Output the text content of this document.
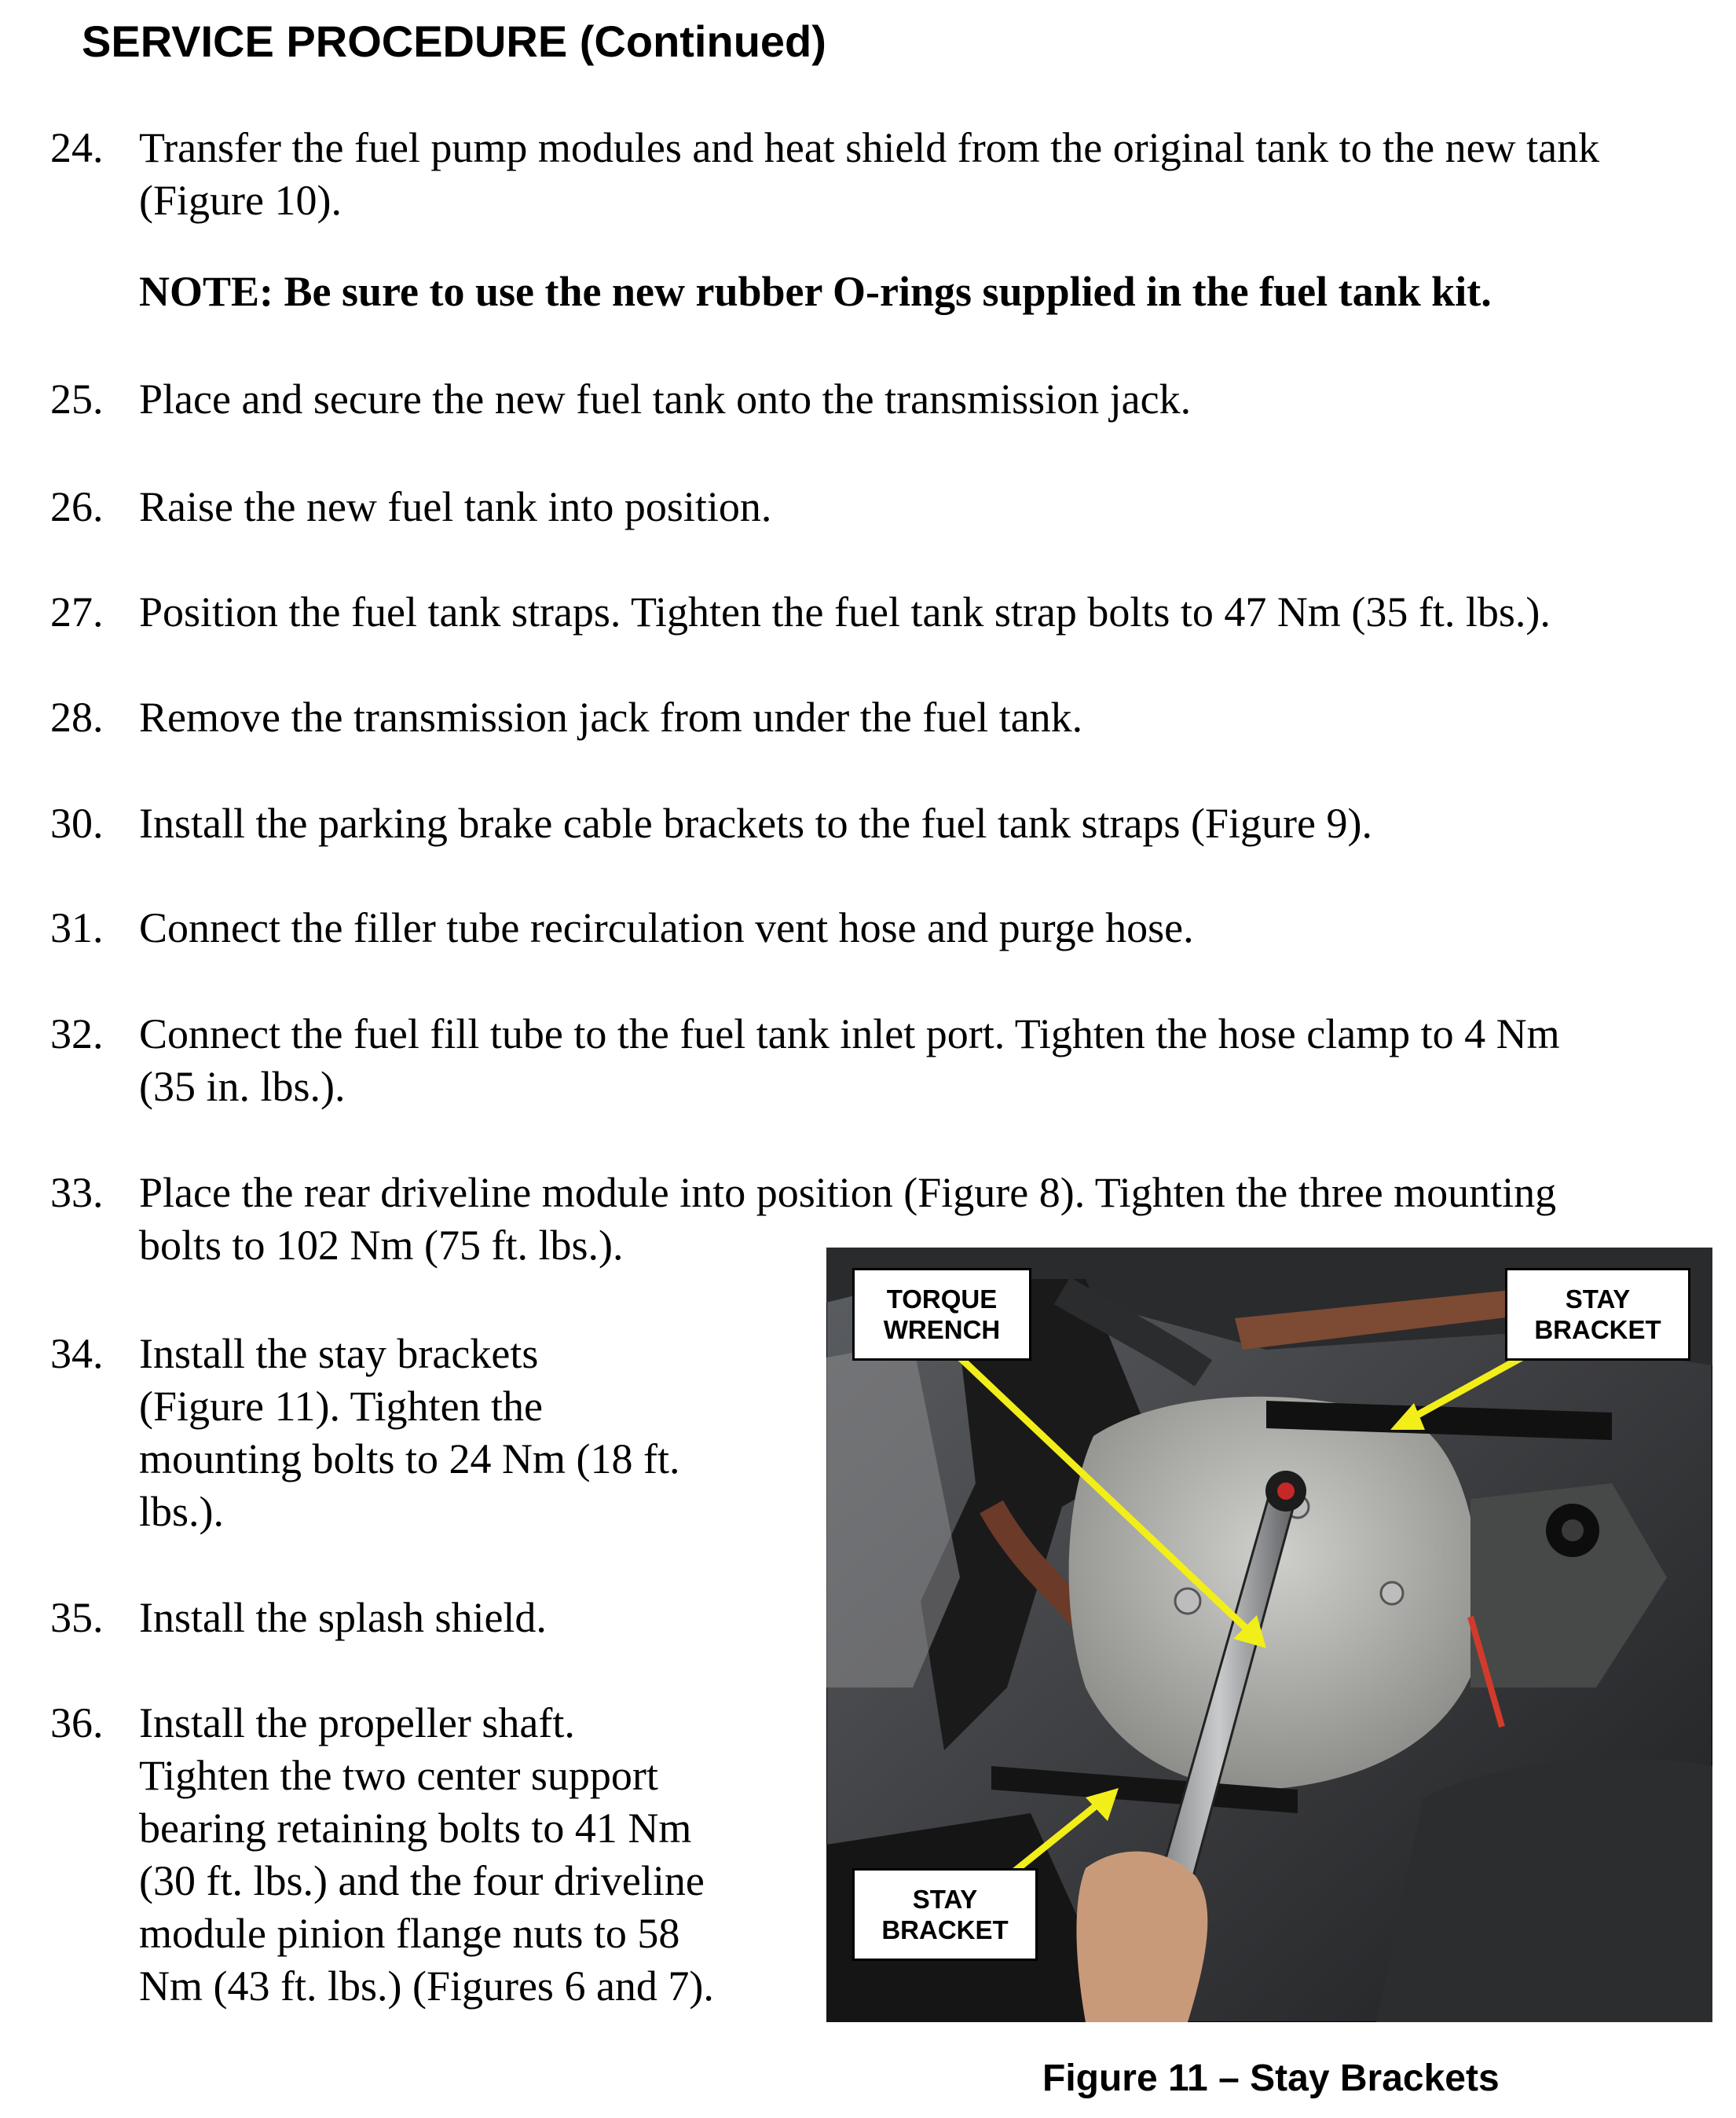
SERVICE PROCEDURE (Continued)
24. Transfer the fuel pump modules and heat shield from the original tank to the new tank
(Figure 10).
25. Place and secure the new fuel tank onto the transmission jack.
26. Raise the new fuel tank into position.
27. Position the fuel tank straps. Tighten the fuel tank strap bolts to 47 Nm (35 ft. lbs.).
28. Remove the transmission jack from under the fuel tank.
30. Install the parking brake cable brackets to the fuel tank straps (Figure 9).
31. Connect the filler tube recirculation vent hose and purge hose.
32. Connect the fuel fill tube to the fuel tank inlet port. Tighten the hose clamp to 4 Nm
(35 in. lbs.).
33. Place the rear driveline module into position (Figure 8). Tighten the three mounting
bolts to 102 Nm (75 ft. lbs.).
34. Install the stay brackets
(Figure 11). Tighten the
mounting bolts to 24 Nm (18 ft.
lbs.).
35. Install the splash shield.
36. Install the propeller shaft.
Tighten the two center support
bearing retaining bolts to 41 Nm
(30 ft. lbs.) and the four driveline
module pinion flange nuts to 58
Nm (43 ft. lbs.) (Figures 6 and 7).
NOTE: Be sure to use the new rubber O-rings supplied in the fuel tank kit.
TORQUE
WRENCH
STAY
BRACKET
STAY
BRACKET
Figure 11 – Stay Brackets
